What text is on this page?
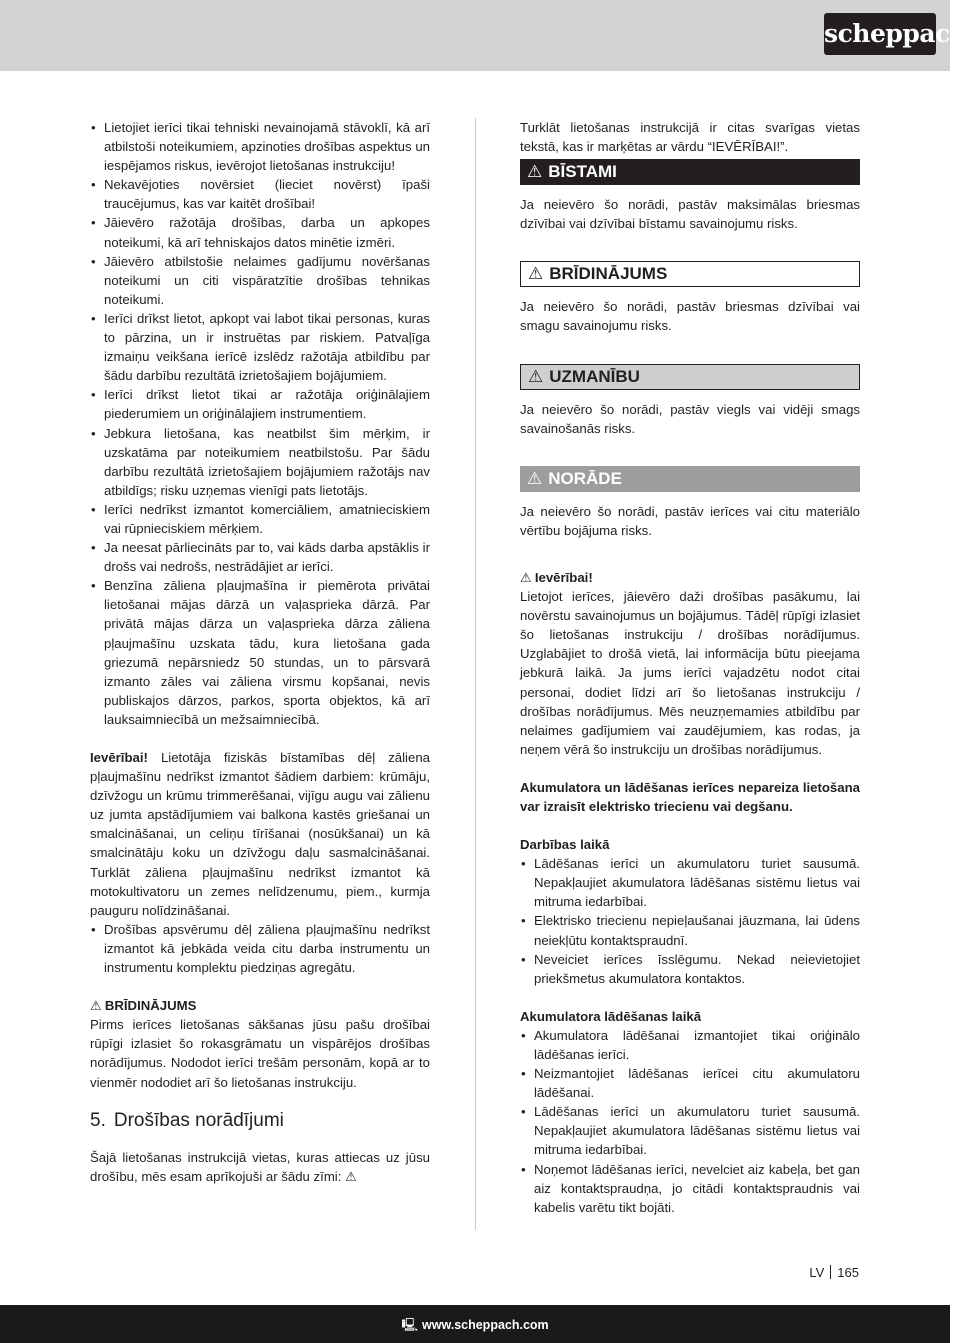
scheppach
• Lietojiet ierīci tikai tehniski nevainojamā stāvoklī, kā arī atbilstoši noteikumiem, apzinoties drošības aspektus un iespējamos riskus, ievērojot lietošanas instrukciju!
• Nekavējoties novērsiet (lieciet novērst) īpaši traucējumus, kas var kaitēt drošībai!
• Jāievēro ražotāja drošības, darba un apkopes noteikumi, kā arī tehniskajos datos minētie izmēri.
• Jāievēro atbilstošie nelaimes gadījumu novēršanas noteikumi un citi vispāratzītie drošības tehnikas noteikumi.
• Ierīci drīkst lietot, apkopt vai labot tikai personas, kuras to pārzina, un ir instruētas par riskiem. Patvaļīga izmaiņu veikšana ierīcē izslēdz ražotāja atbildību par šādu darbību rezultātā izrietošajiem bojājumiem.
• Ierīci drīkst lietot tikai ar ražotāja oriģinālajiem piederumiem un oriģinālajiem instrumentiem.
• Jebkura lietošana, kas neatbilst šim mērķim, ir uzskatāma par noteikumiem neatbilstošu. Par šādu darbību rezultātā izrietošajiem bojājumiem ražotājs nav atbildīgs; risku uzņemas vienīgi pats lietotājs.
• Ierīci nedrīkst izmantot komerciāliem, amatnieciskiem vai rūpnieciskiem mērķiem.
• Ja neesat pārliecināts par to, vai kāds darba apstāklis ir drošs vai nedrošs, nestrādājiet ar ierīci.
• Benzīna zāliena pļaujmašīna ir piemērota privātai lietošanai mājas dārzā un vaļasprieka dārzā. Par privātā mājas dārza un vaļasprieka dārza zāliena pļaujmašīnu uzskata tādu, kura lietošana gada griezumā nepārsniedz 50 stundas, un to pārsvarā izmanto zāles vai zāliena virsmu kopšanai, nevis publiskajos dārzos, parkos, sporta objektos, kā arī lauksaimniecībā un mežsaimniecībā.

Ievērībai! Lietotāja fiziskās bīstamības dēļ zāliena pļaujmašīnu nedrīkst izmantot šādiem darbiem: krūmāju, dzīvžogu un krūmu trimmerēšanai, vijīgu augu vai zālienu uz jumta apstādījumiem vai balkona kastēs griešanai un smalcināšanai, un celiņu tīrīšanai (nosūkšanai) un kā smalcinātāju koku un dzīvžogu daļu sasmalcināšanai. Turklāt zāliena pļaujmašīnu nedrīkst izmantot kā motokultivatoru un zemes nelīdzenumu, piem., kurmja pauguru nolīdzināšanai.

• Drošības apsvērumu dēļ zāliena pļaujmašīnu nedrīkst izmantot kā jebkāda veida citu darba instrumentu un instrumentu komplektu piedziņas agregātu.
⚠ BRĪDINĀJUMS

Pirms ierīces lietošanas sākšanas jūsu pašu drošībai rūpīgi izlasiet šo rokasgrāmatu un vispārējos drošības norādījumus. Nododot ierīci trešām personām, kopā ar to vienmēr nododiet arī šo lietošanas instrukciju.

5. Drošības norādījumi

Šajā lietošanas instrukcijā vietas, kuras attiecas uz jūsu drošību, mēs esam aprīkojuši ar šādu zīmi: ⚠

Turklāt lietošanas instrukcijā ir citas svarīgas vietas tekstā, kas ir marķētas ar vārdu “IEVĒRĪBAI!”.

⚠ BĪSTAMI

Ja neievēro šo norādi, pastāv maksimālas briesmas dzīvībai vai dzīvībai bīstamu savainojumu risks.

⚠ BRĪDINĀJUMS

Ja neievēro šo norādi, pastāv briesmas dzīvībai vai smagu savainojumu risks.

⚠ UZMANĪBU

Ja neievēro šo norādi, pastāv viegls vai vidēji smags savainošanās risks.

⚠ NORĀDE

Ja neievēro šo norādi, pastāv ierīces vai citu materiālo vērtību bojājuma risks.

⚠ Ievērībai!

Lietojot ierīces, jāievēro daži drošības pasākumu, lai novērstu savainojumus un bojājumus. Tādēļ rūpīgi izlasiet šo lietošanas instrukciju / drošības norādījumus. Uzglabājiet to drošā vietā, lai informācija būtu pieejama jebkurā laikā. Ja jums ierīci vajadzētu nodot citai personai, dodiet līdzi arī šo lietošanas instrukciju / drošības norādījumus. Mēs neuzņemamies atbildību par nelaimes gadījumiem vai zaudējumiem, kas rodas, ja neņem vērā šo instrukciju un drošības norādījumus.

Akumulatora un lādēšanas ierīces nepareiza lietošana var izraisīt elektrisko triecienu vai degšanu.

Darbības laikā
• Lādēšanas ierīci un akumulatoru turiet sausumā. Nepakļaujiet akumulatora lādēšanas sistēmu lietus vai mitruma iedarbībai.
• Elektrisko triecienu nepieļaušanai jāuzmana, lai ūdens neiekļūtu kontaktspraudnī.
• Neveiciet ierīces īsslēgumu. Nekad neievietojiet priekšmetus akumulatora kontaktos.
Akumulatora lādēšanas laikā
• Akumulatora lādēšanai izmantojiet tikai oriģinālo lādēšanas ierīci.
• Neizmantojiet lādēšanas ierīcei citu akumulatoru lādēšanai.
• Lādēšanas ierīci un akumulatoru turiet sausumā. Nepakļaujiet akumulatora lādēšanas sistēmu lietus vai mitruma iedarbībai.
• Noņemot lādēšanas ierīci, nevelciet aiz kabeļa, bet gan aiz kontaktspraudņa, jo citādi kontaktspraudnis vai kabelis varētu tikt bojāti.
LV 165
🖳 www.scheppach.com
